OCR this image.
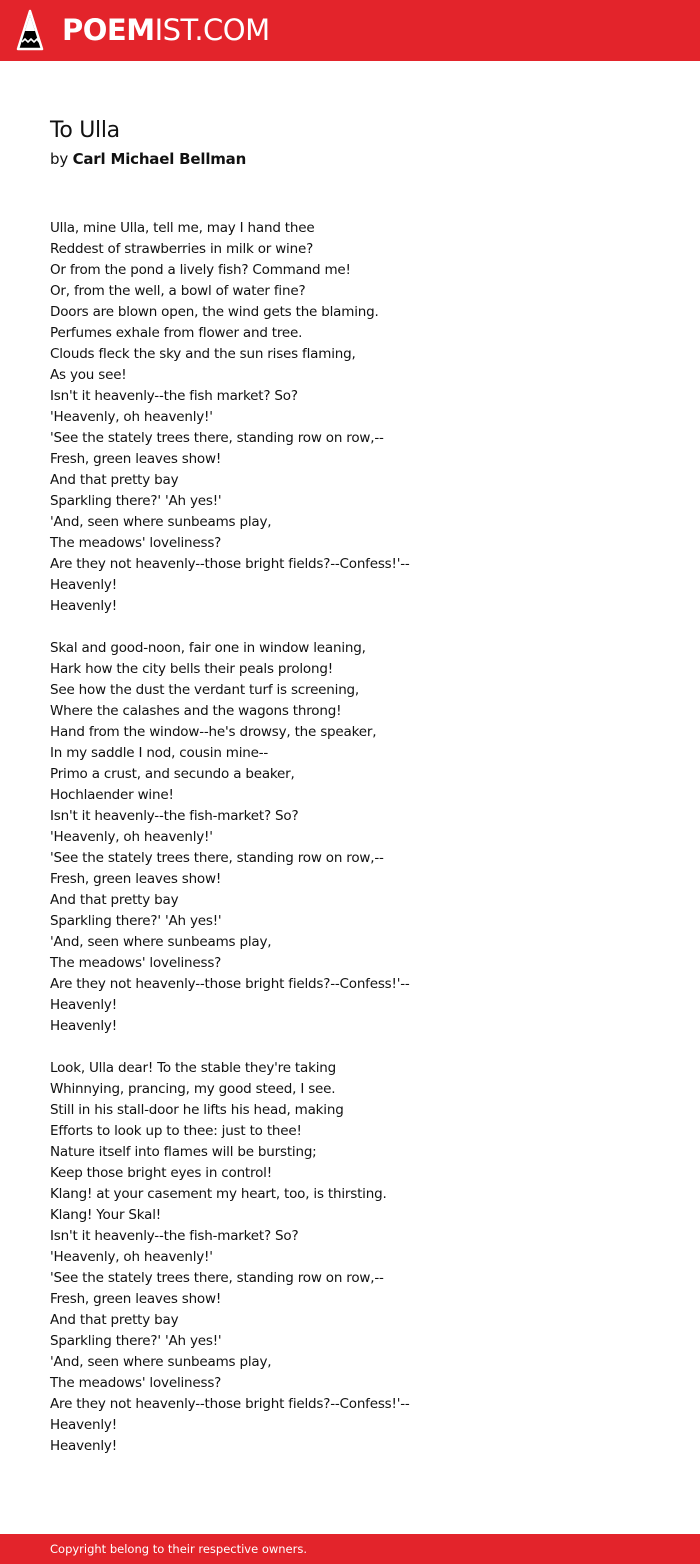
POEMIST.COM
To Ulla
by Carl Michael Bellman
Ulla, mine Ulla, tell me, may I hand thee
Reddest of strawberries in milk or wine?
Or from the pond a lively fish? Command me!
Or, from the well, a bowl of water fine?
Doors are blown open, the wind gets the blaming.
Perfumes exhale from flower and tree.
Clouds fleck the sky and the sun rises flaming,
As you see!
Isn't it heavenly--the fish market? So?
'Heavenly, oh heavenly!'
'See the stately trees there, standing row on row,--
Fresh, green leaves show!
And that pretty bay
Sparkling there?' 'Ah yes!'
'And, seen where sunbeams play,
The meadows' loveliness?
Are they not heavenly--those bright fields?--Confess!'--
Heavenly!
Heavenly!
Skal and good-noon, fair one in window leaning,
Hark how the city bells their peals prolong!
See how the dust the verdant turf is screening,
Where the calashes and the wagons throng!
Hand from the window--he's drowsy, the speaker,
In my saddle I nod, cousin mine--
Primo a crust, and secundo a beaker,
Hochlaender wine!
Isn't it heavenly--the fish-market? So?
'Heavenly, oh heavenly!'
'See the stately trees there, standing row on row,--
Fresh, green leaves show!
And that pretty bay
Sparkling there?' 'Ah yes!'
'And, seen where sunbeams play,
The meadows' loveliness?
Are they not heavenly--those bright fields?--Confess!'--
Heavenly!
Heavenly!
Look, Ulla dear! To the stable they're taking
Whinnying, prancing, my good steed, I see.
Still in his stall-door he lifts his head, making
Efforts to look up to thee: just to thee!
Nature itself into flames will be bursting;
Keep those bright eyes in control!
Klang! at your casement my heart, too, is thirsting.
Klang! Your Skal!
Isn't it heavenly--the fish-market? So?
'Heavenly, oh heavenly!'
'See the stately trees there, standing row on row,--
Fresh, green leaves show!
And that pretty bay
Sparkling there?' 'Ah yes!'
'And, seen where sunbeams play,
The meadows' loveliness?
Are they not heavenly--those bright fields?--Confess!'--
Heavenly!
Heavenly!
Copyright belong to their respective owners.
